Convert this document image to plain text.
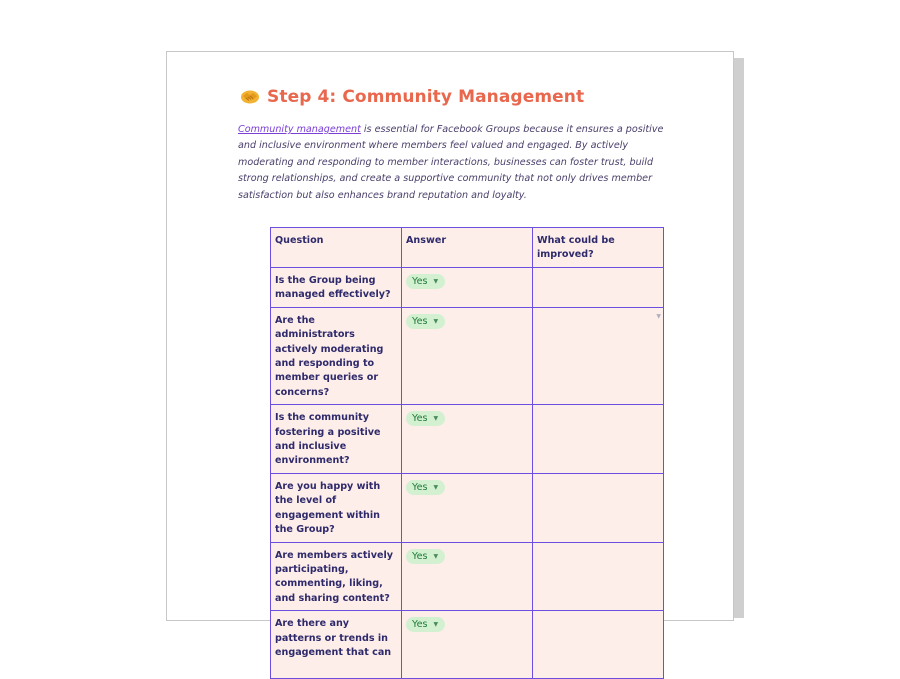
Step 4: Community Management
Community management is essential for Facebook Groups because it ensures a positive and inclusive environment where members feel valued and engaged. By actively moderating and responding to member interactions, businesses can foster trust, build strong relationships, and create a supportive community that not only drives member satisfaction but also enhances brand reputation and loyalty.
Question	Answer	What could be improved?
Is the Group being managed effectively?	Yes ▼	

Are the administrators actively moderating and responding to member queries or concerns?	Yes ▼	▼

Is the community fostering a positive and inclusive environment?	Yes ▼	

Are you happy with the level of engagement within the Group?	Yes ▼	

Are members actively participating, commenting, liking, and sharing content?	Yes ▼	

Are there any patterns or trends in engagement that can	Yes ▼	
